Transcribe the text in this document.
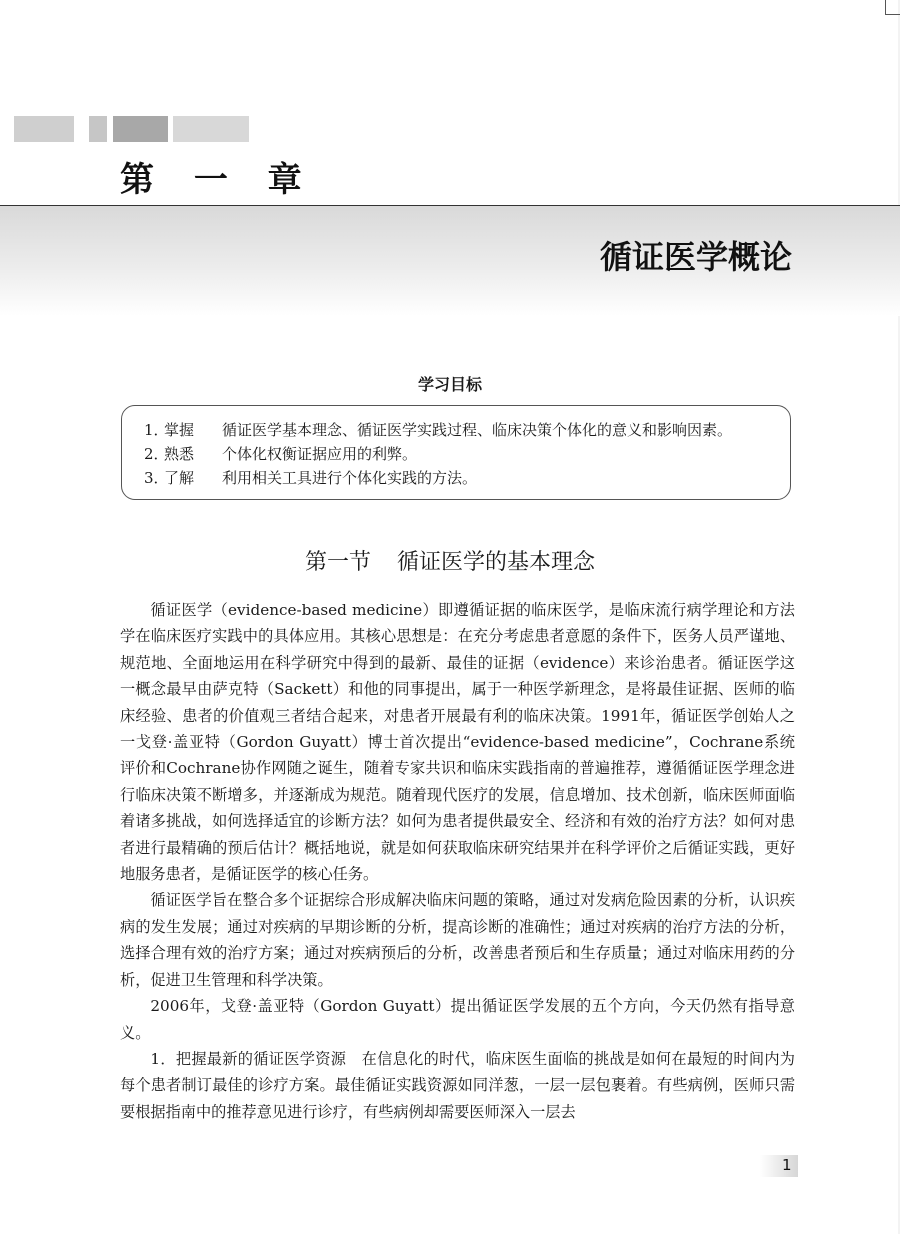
第 一 章
循证医学概论
学习目标
1．掌握 循证医学基本理念、循证医学实践过程、临床决策个体化的意义和影响因素。
2．熟悉 个体化权衡证据应用的利弊。
3．了解 利用相关工具进行个体化实践的方法。
第一节 循证医学的基本理念

循证医学（evidence-based medicine）即遵循证据的临床医学，是临床流行病学理论和方法学在临床医疗实践中的具体应用。其核心思想是：在充分考虑患者意愿的条件下，医务人员严谨地、规范地、全面地运用在科学研究中得到的最新、最佳的证据（evidence）来诊治患者。循证医学这一概念最早由萨克特（Sackett）和他的同事提出，属于一种医学新理念，是将最佳证据、医师的临床经验、患者的价值观三者结合起来，对患者开展最有利的临床决策。1991年，循证医学创始人之一戈登·盖亚特（Gordon Guyatt）博士首次提出“evidence-based medicine”，Cochrane系统评价和Cochrane协作网随之诞生，随着专家共识和临床实践指南的普遍推荐，遵循循证医学理念进行临床决策不断增多，并逐渐成为规范。随着现代医疗的发展，信息增加、技术创新，临床医师面临着诸多挑战，如何选择适宜的诊断方法？如何为患者提供最安全、经济和有效的治疗方法？如何对患者进行最精确的预后估计？概括地说，就是如何获取临床研究结果并在科学评价之后循证实践，更好地服务患者，是循证医学的核心任务。

循证医学旨在整合多个证据综合形成解决临床问题的策略，通过对发病危险因素的分析，认识疾病的发生发展；通过对疾病的早期诊断的分析，提高诊断的准确性；通过对疾病的治疗方法的分析，选择合理有效的治疗方案；通过对疾病预后的分析，改善患者预后和生存质量；通过对临床用药的分析，促进卫生管理和科学决策。

2006年，戈登·盖亚特（Gordon Guyatt）提出循证医学发展的五个方向，今天仍然有指导意义。

1．把握最新的循证医学资源　在信息化的时代，临床医生面临的挑战是如何在最短的时间内为每个患者制订最佳的诊疗方案。最佳循证实践资源如同洋葱，一层一层包裹着。有些病例，医师只需要根据指南中的推荐意见进行诊疗，有些病例却需要医师深入一层去

1
